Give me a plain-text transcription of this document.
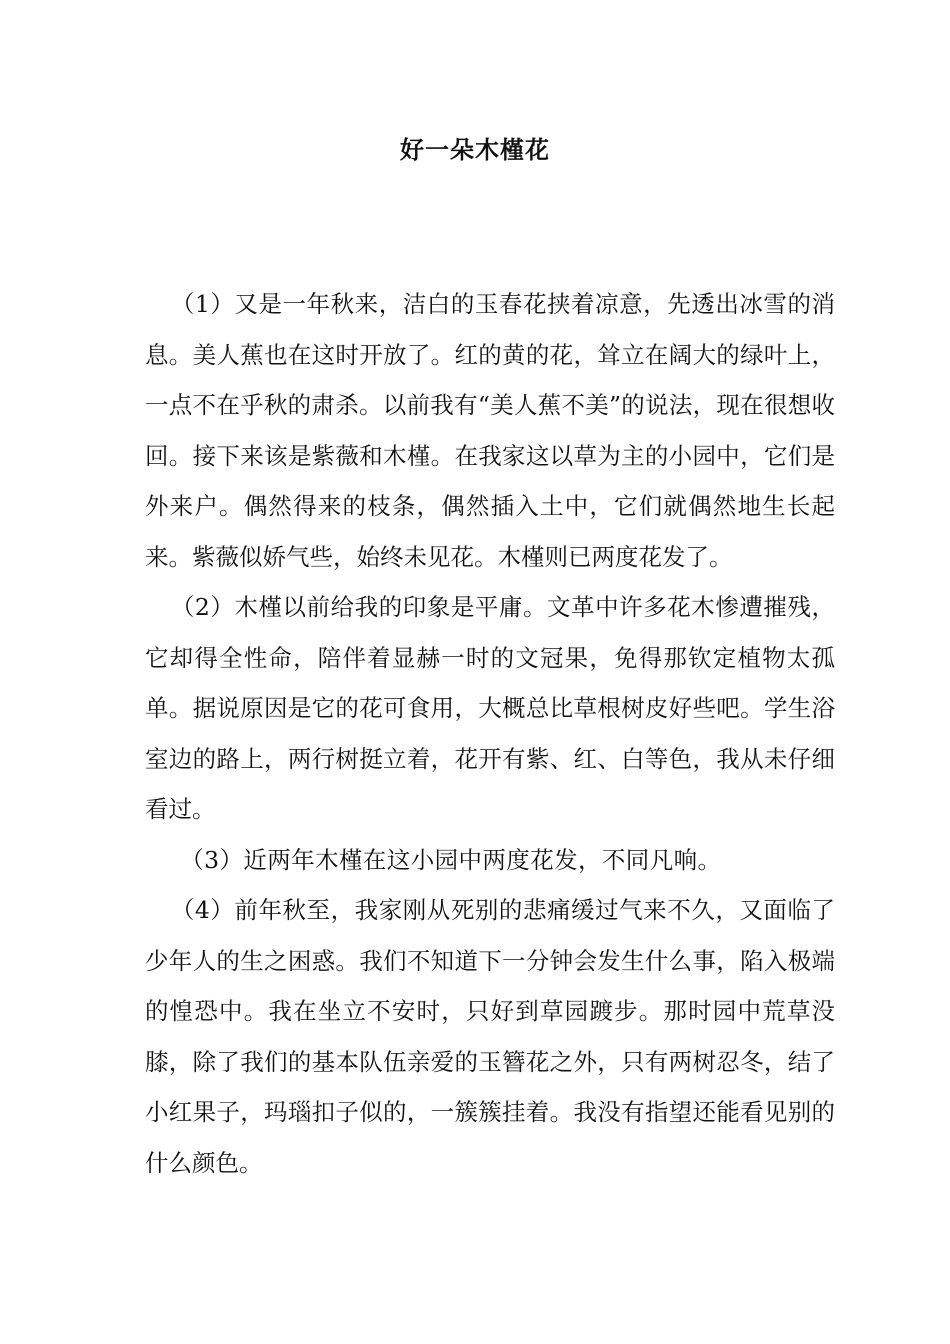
好一朵木槿花

（1）又是一年秋来，洁白的玉春花挟着凉意，先透出冰雪的消息。美人蕉也在这时开放了。红的黄的花，耸立在阔大的绿叶上，一点不在乎秋的肃杀。以前我有“美人蕉不美”的说法，现在很想收回。接下来该是紫薇和木槿。在我家这以草为主的小园中，它们是外来户。偶然得来的枝条，偶然插入土中，它们就偶然地生长起来。紫薇似娇气些，始终未见花。木槿则已两度花发了。

（2）木槿以前给我的印象是平庸。文革中许多花木惨遭摧残，它却得全性命，陪伴着显赫一时的文冠果，免得那钦定植物太孤单。据说原因是它的花可食用，大概总比草根树皮好些吧。学生浴室边的路上，两行树挺立着，花开有紫、红、白等色，我从未仔细看过。

（3）近两年木槿在这小园中两度花发，不同凡响。

（4）前年秋至，我家刚从死别的悲痛缓过气来不久，又面临了少年人的生之困惑。我们不知道下一分钟会发生什么事，陷入极端的惶恐中。我在坐立不安时，只好到草园踱步。那时园中荒草没膝，除了我们的基本队伍亲爱的玉簪花之外，只有两树忍冬，结了小红果子，玛瑙扣子似的，一簇簇挂着。我没有指望还能看见别的什么颜色。
